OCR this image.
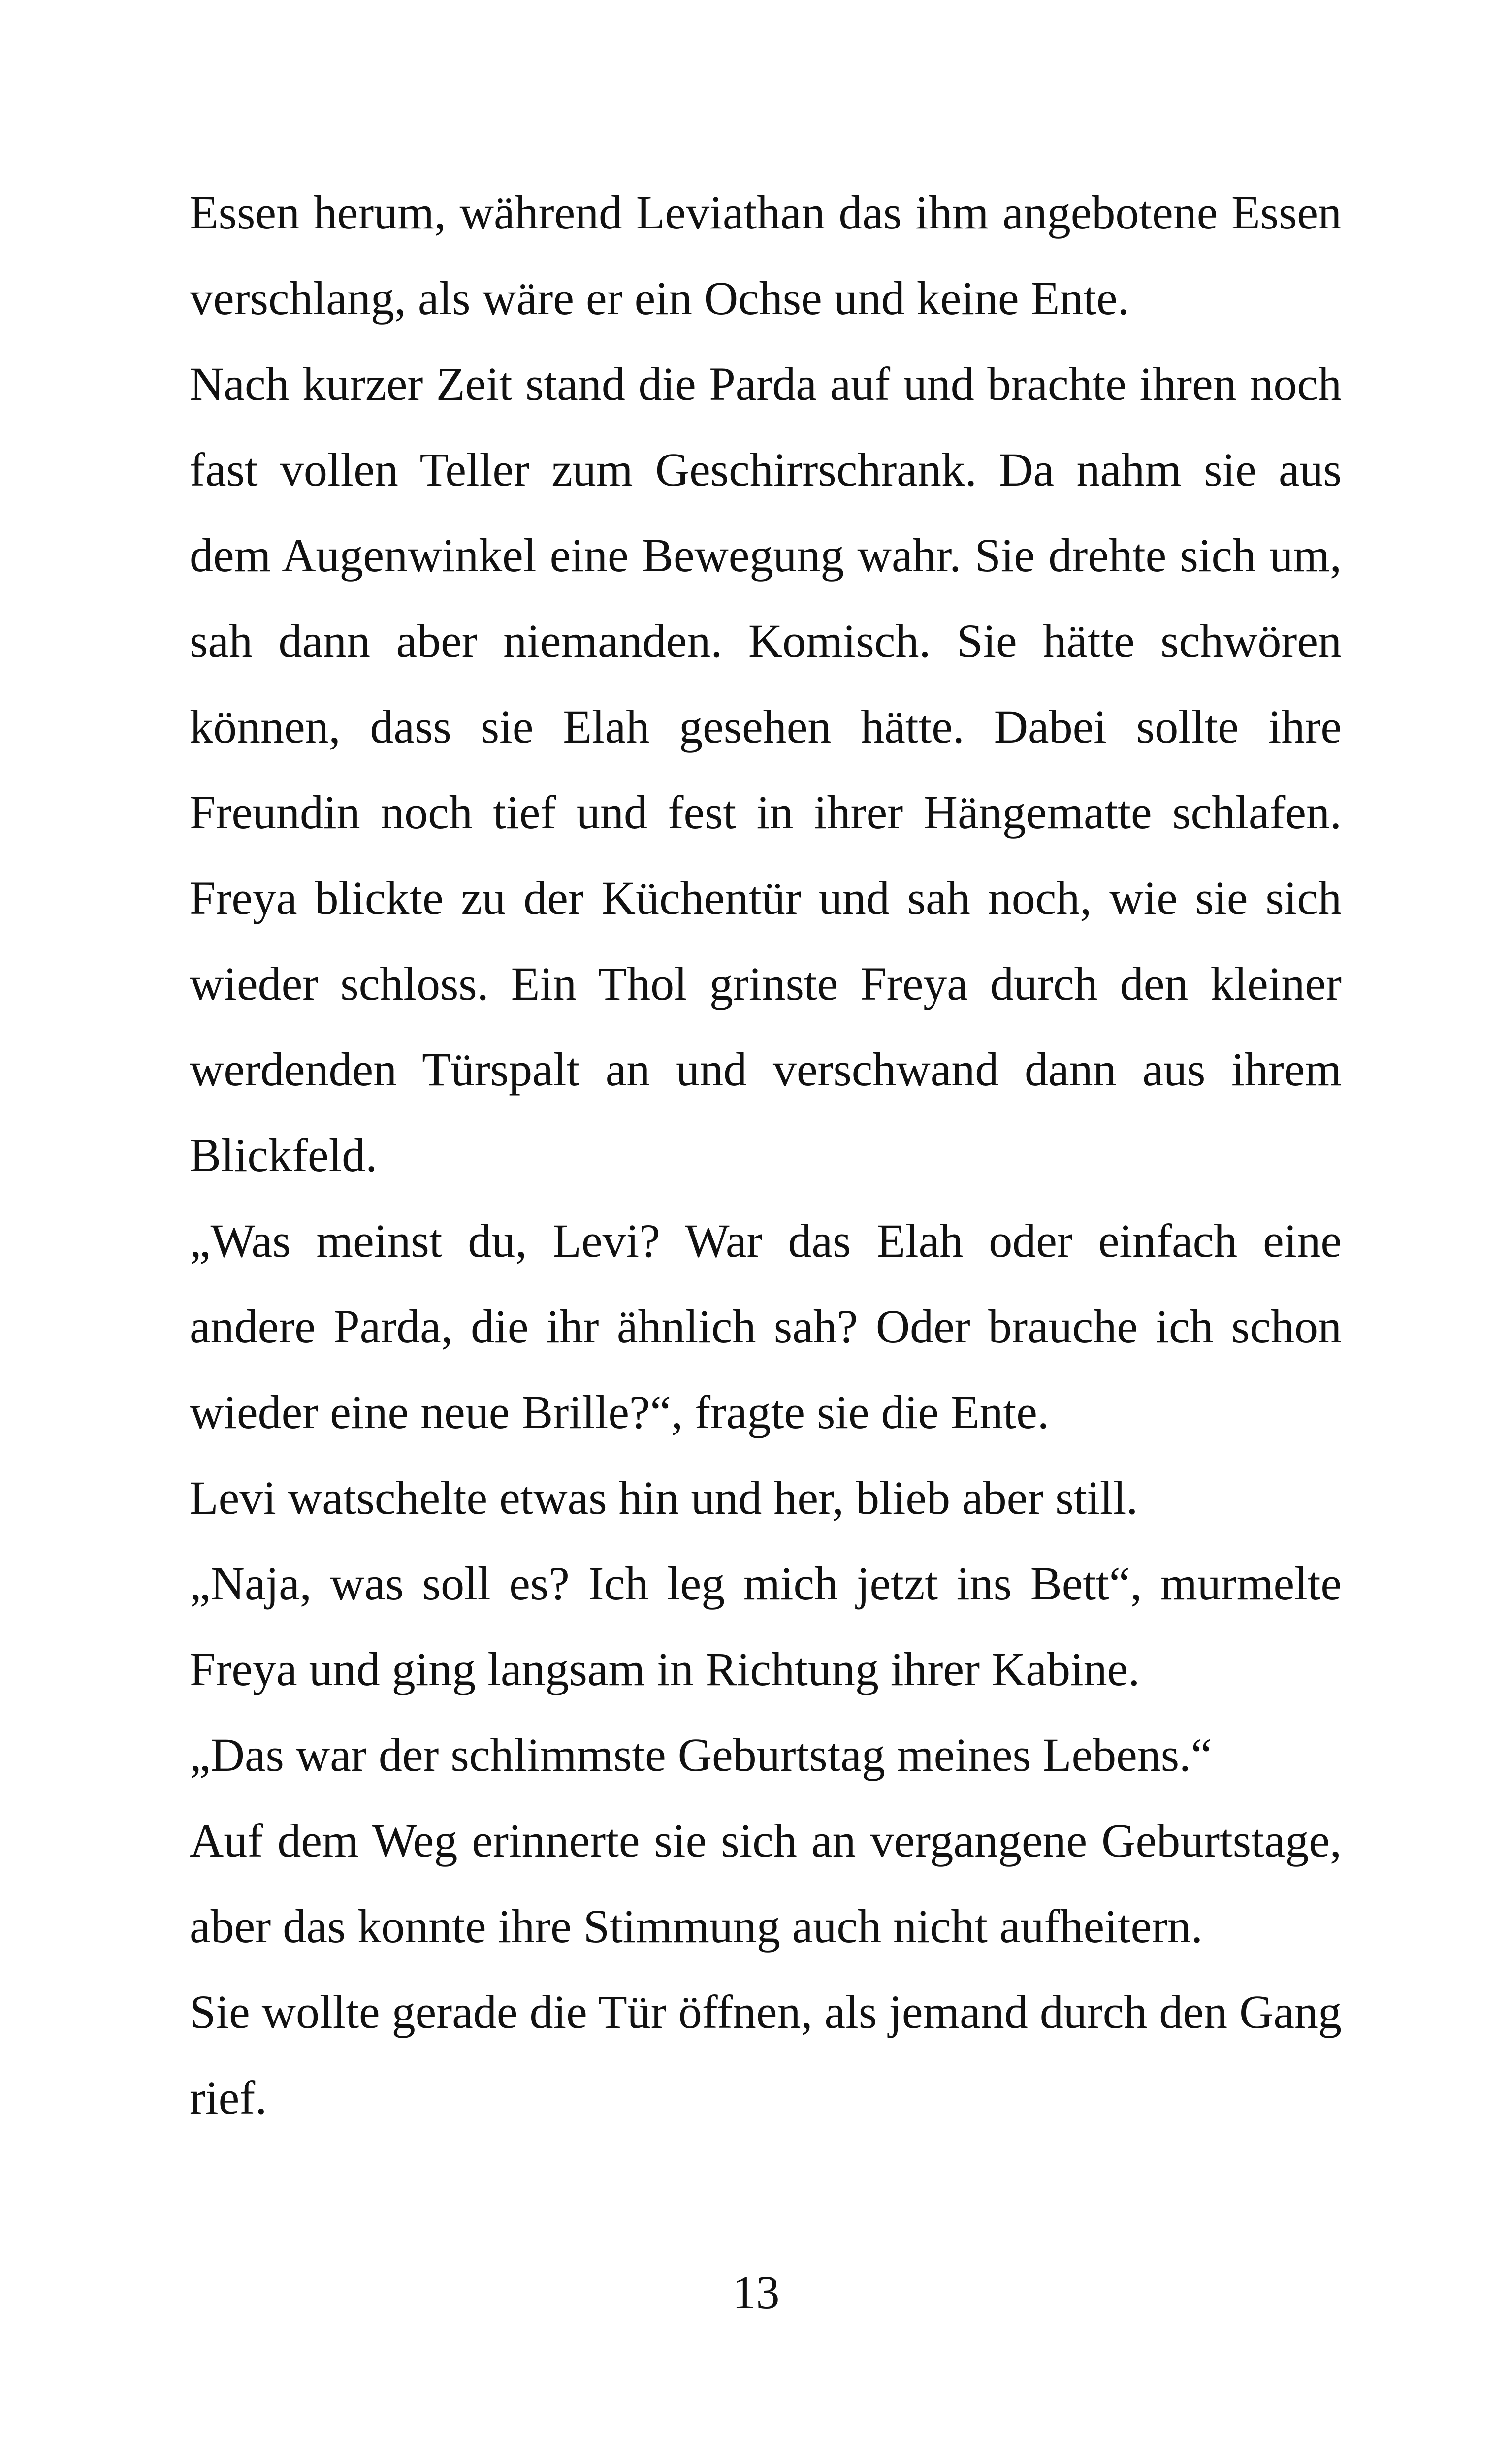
Essen herum, während Leviathan das ihm angebotene Essen verschlang, als wäre er ein Ochse und keine Ente.

Nach kurzer Zeit stand die Parda auf und brachte ihren noch fast vollen Teller zum Geschirrschrank. Da nahm sie aus dem Augenwinkel eine Bewegung wahr. Sie drehte sich um, sah dann aber niemanden. Komisch. Sie hätte schwören können, dass sie Elah gesehen hätte. Dabei sollte ihre Freundin noch tief und fest in ihrer Hängematte schlafen. Freya blickte zu der Küchentür und sah noch, wie sie sich wieder schloss. Ein Thol grinste Freya durch den kleiner werdenden Türspalt an und verschwand dann aus ihrem Blickfeld.

„Was meinst du, Levi? War das Elah oder einfach eine andere Parda, die ihr ähnlich sah? Oder brauche ich schon wieder eine neue Brille?“, fragte sie die Ente.

Levi watschelte etwas hin und her, blieb aber still.

„Naja, was soll es? Ich leg mich jetzt ins Bett“, murmelte Freya und ging langsam in Richtung ihrer Kabine.

„Das war der schlimmste Geburtstag meines Lebens.“

Auf dem Weg erinnerte sie sich an vergangene Geburtstage, aber das konnte ihre Stimmung auch nicht aufheitern.

Sie wollte gerade die Tür öffnen, als jemand durch den Gang rief.

13
